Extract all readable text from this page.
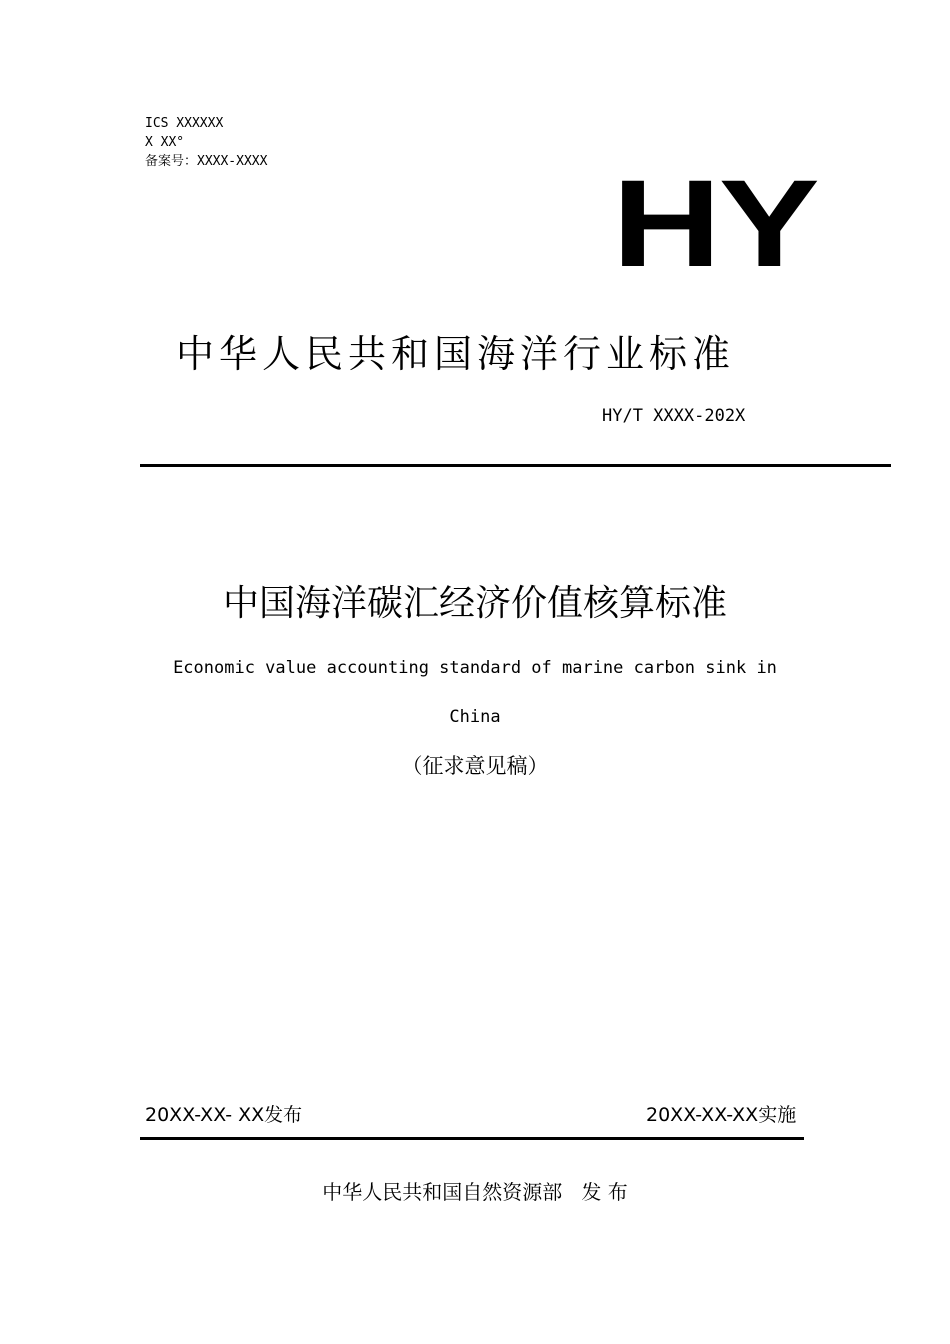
ICS XXXXXX
X XX°
备案号：XXXX-XXXX	HY
中华人民共和国海洋行业标准
HY/T XXXX-202X
中国海洋碳汇经济价值核算标准
Economic value accounting standard of marine carbon sink in
China
（征求意见稿）
20XX-XX- XX发布	20XX-XX-XX实施
中华人民共和国自然资源部   发 布
